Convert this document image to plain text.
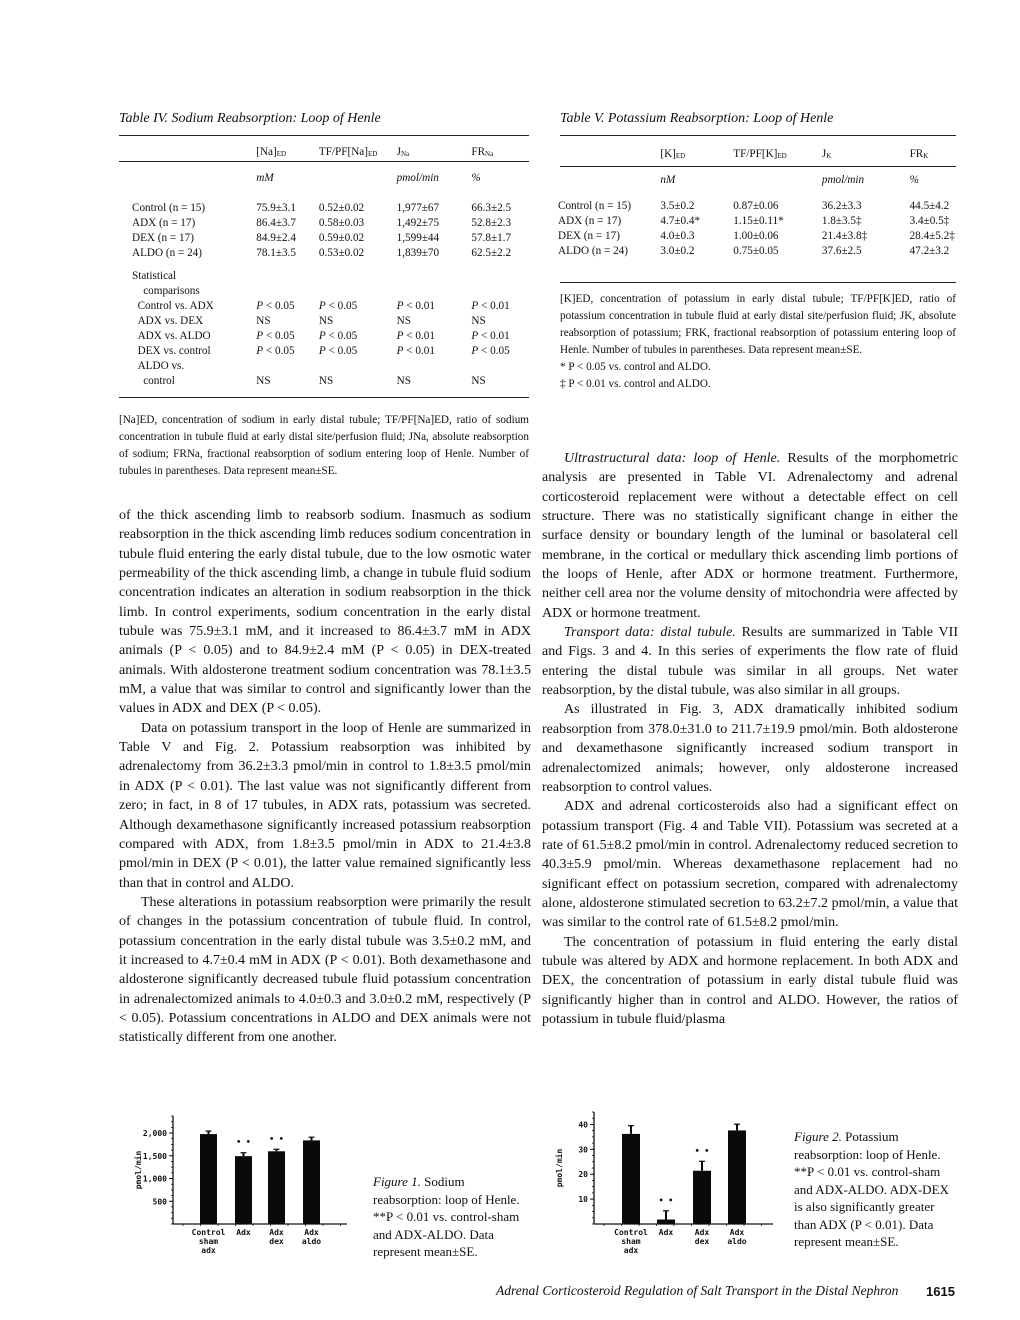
Table IV. Sodium Reabsorption: Loop of Henle
	$[Na]_{ED}$	$TF/PF[Na]_{ED}$	$J_{Na}$	$FR_{Na}$
	mM		pmol/min	%
Control (n = 15)	75.9±3.1	0.52±0.02	1,977±67	66.3±2.5
ADX (n = 17)	86.4±3.7	0.58±0.03	1,492±75	52.8±2.3
DEX (n = 17)	84.9±2.4	0.59±0.02	1,599±44	57.8±1.7
ALDO (n = 24)	78.1±3.5	0.53±0.02	1,839±70	62.5±2.2

Statistical				
comparisons				
Control vs. ADX	P < 0.05	P < 0.05	P < 0.01	P < 0.01
ADX vs. DEX	NS	NS	NS	NS
ADX vs. ALDO	P < 0.05	P < 0.05	P < 0.01	P < 0.01
DEX vs. control	P < 0.05	P < 0.05	P < 0.01	P < 0.05
ALDO vs.				
control	NS	NS	NS	NS
[Na]ED, concentration of sodium in early distal tubule; TF/PF[Na]ED, ratio of sodium concentration in tubule fluid at early distal site/perfusion fluid; JNa, absolute reabsorption of sodium; FRNa, fractional reabsorption of sodium entering loop of Henle. Number of tubules in parentheses. Data represent mean±SE.
Table V. Potassium Reabsorption: Loop of Henle
	$[K]_{ED}$	$TF/PF[K]_{ED}$	$J_K$	$FR_K$
	nM		pmol/min	%
Control (n = 15)	3.5±0.2	0.87±0.06	36.2±3.3	44.5±4.2
ADX (n = 17)	4.7±0.4*	1.15±0.11*	1.8±3.5‡	3.4±0.5‡
DEX (n = 17)	4.0±0.3	1.00±0.06	21.4±3.8‡	28.4±5.2‡
ALDO (n = 24)	3.0±0.2	0.75±0.05	37.6±2.5	47.2±3.2

[K]ED, concentration of potassium in early distal tubule; TF/PF[K]ED, ratio of potassium concentration in tubule fluid at early distal site/perfusion fluid; JK, absolute reabsorption of potassium; FRK, fractional reabsorption of potassium entering loop of Henle. Number of tubules in parentheses. Data represent mean±SE.
* P < 0.05 vs. control and ALDO.
‡ P < 0.01 vs. control and ALDO.

of the thick ascending limb to reabsorb sodium. Inasmuch as sodium reabsorption in the thick ascending limb reduces sodium concentration in tubule fluid entering the early distal tubule, due to the low osmotic water permeability of the thick ascending limb, a change in tubule fluid sodium concentration indicates an alteration in sodium reabsorption in the thick limb. In control experiments, sodium concentration in the early distal tubule was 75.9±3.1 mM, and it increased to 86.4±3.7 mM in ADX animals (P < 0.05) and to 84.9±2.4 mM (P < 0.05) in DEX-treated animals. With aldosterone treatment sodium concentration was 78.1±3.5 mM, a value that was similar to control and significantly lower than the values in ADX and DEX (P < 0.05).

Data on potassium transport in the loop of Henle are summarized in Table V and Fig. 2. Potassium reabsorption was inhibited by adrenalectomy from 36.2±3.3 pmol/min in control to 1.8±3.5 pmol/min in ADX (P < 0.01). The last value was not significantly different from zero; in fact, in 8 of 17 tubules, in ADX rats, potassium was secreted. Although dexamethasone significantly increased potassium reabsorption compared with ADX, from 1.8±3.5 pmol/min in ADX to 21.4±3.8 pmol/min in DEX (P < 0.01), the latter value remained significantly less than that in control and ALDO.

These alterations in potassium reabsorption were primarily the result of changes in the potassium concentration of tubule fluid. In control, potassium concentration in the early distal tubule was 3.5±0.2 mM, and it increased to 4.7±0.4 mM in ADX (P < 0.01). Both dexamethasone and aldosterone significantly decreased tubule fluid potassium concentration in adrenalectomized animals to 4.0±0.3 and 3.0±0.2 mM, respectively (P < 0.05). Potassium concentrations in ALDO and DEX animals were not statistically different from one another.

Ultrastructural data: loop of Henle. Results of the morphometric analysis are presented in Table VI. Adrenalectomy and adrenal corticosteroid replacement were without a detectable effect on cell structure. There was no statistically significant change in either the surface density or boundary length of the luminal or basolateral cell membrane, in the cortical or medullary thick ascending limb portions of the loops of Henle, after ADX or hormone treatment. Furthermore, neither cell area nor the volume density of mitochondria were affected by ADX or hormone treatment.

Transport data: distal tubule. Results are summarized in Table VII and Figs. 3 and 4. In this series of experiments the flow rate of fluid entering the distal tubule was similar in all groups. Net water reabsorption, by the distal tubule, was also similar in all groups.

As illustrated in Fig. 3, ADX dramatically inhibited sodium reabsorption from 378.0±31.0 to 211.7±19.9 pmol/min. Both aldosterone and dexamethasone significantly increased sodium transport in adrenalectomized animals; however, only aldosterone increased reabsorption to control values.

ADX and adrenal corticosteroids also had a significant effect on potassium transport (Fig. 4 and Table VII). Potassium was secreted at a rate of 61.5±8.2 pmol/min in control. Adrenalectomy reduced secretion to 40.3±5.9 pmol/min. Whereas dexamethasone replacement had no significant effect on potassium secretion, compared with adrenalectomy alone, aldosterone stimulated secretion to 63.2±7.2 pmol/min, a value that was similar to the control rate of 61.5±8.2 pmol/min.

The concentration of potassium in fluid entering the early distal tubule was altered by ADX and hormone replacement. In both ADX and DEX, the concentration of potassium in early distal tubule fluid was significantly higher than in control and ALDO. However, the ratios of potassium in tubule fluid/plasma

500
1,000
1,500
2,000
pmol/min
Control
sham
adx
• •
Adx
• •
Adx
dex
Adx
aldo
Figure 1. Sodium reabsorption: loop of Henle. **P < 0.01 vs. control-sham and ADX-ALDO. Data represent mean±SE.
10
20
30
40
pmol/min
Control
sham
adx
• •
Adx
• •
Adx
dex
Adx
aldo
Figure 2. Potassium reabsorption: loop of Henle. **P < 0.01 vs. control-sham and ADX-ALDO. ADX-DEX is also significantly greater than ADX (P < 0.01). Data represent mean±SE.
Adrenal Corticosteroid Regulation of Salt Transport in the Distal Nephron 1615
